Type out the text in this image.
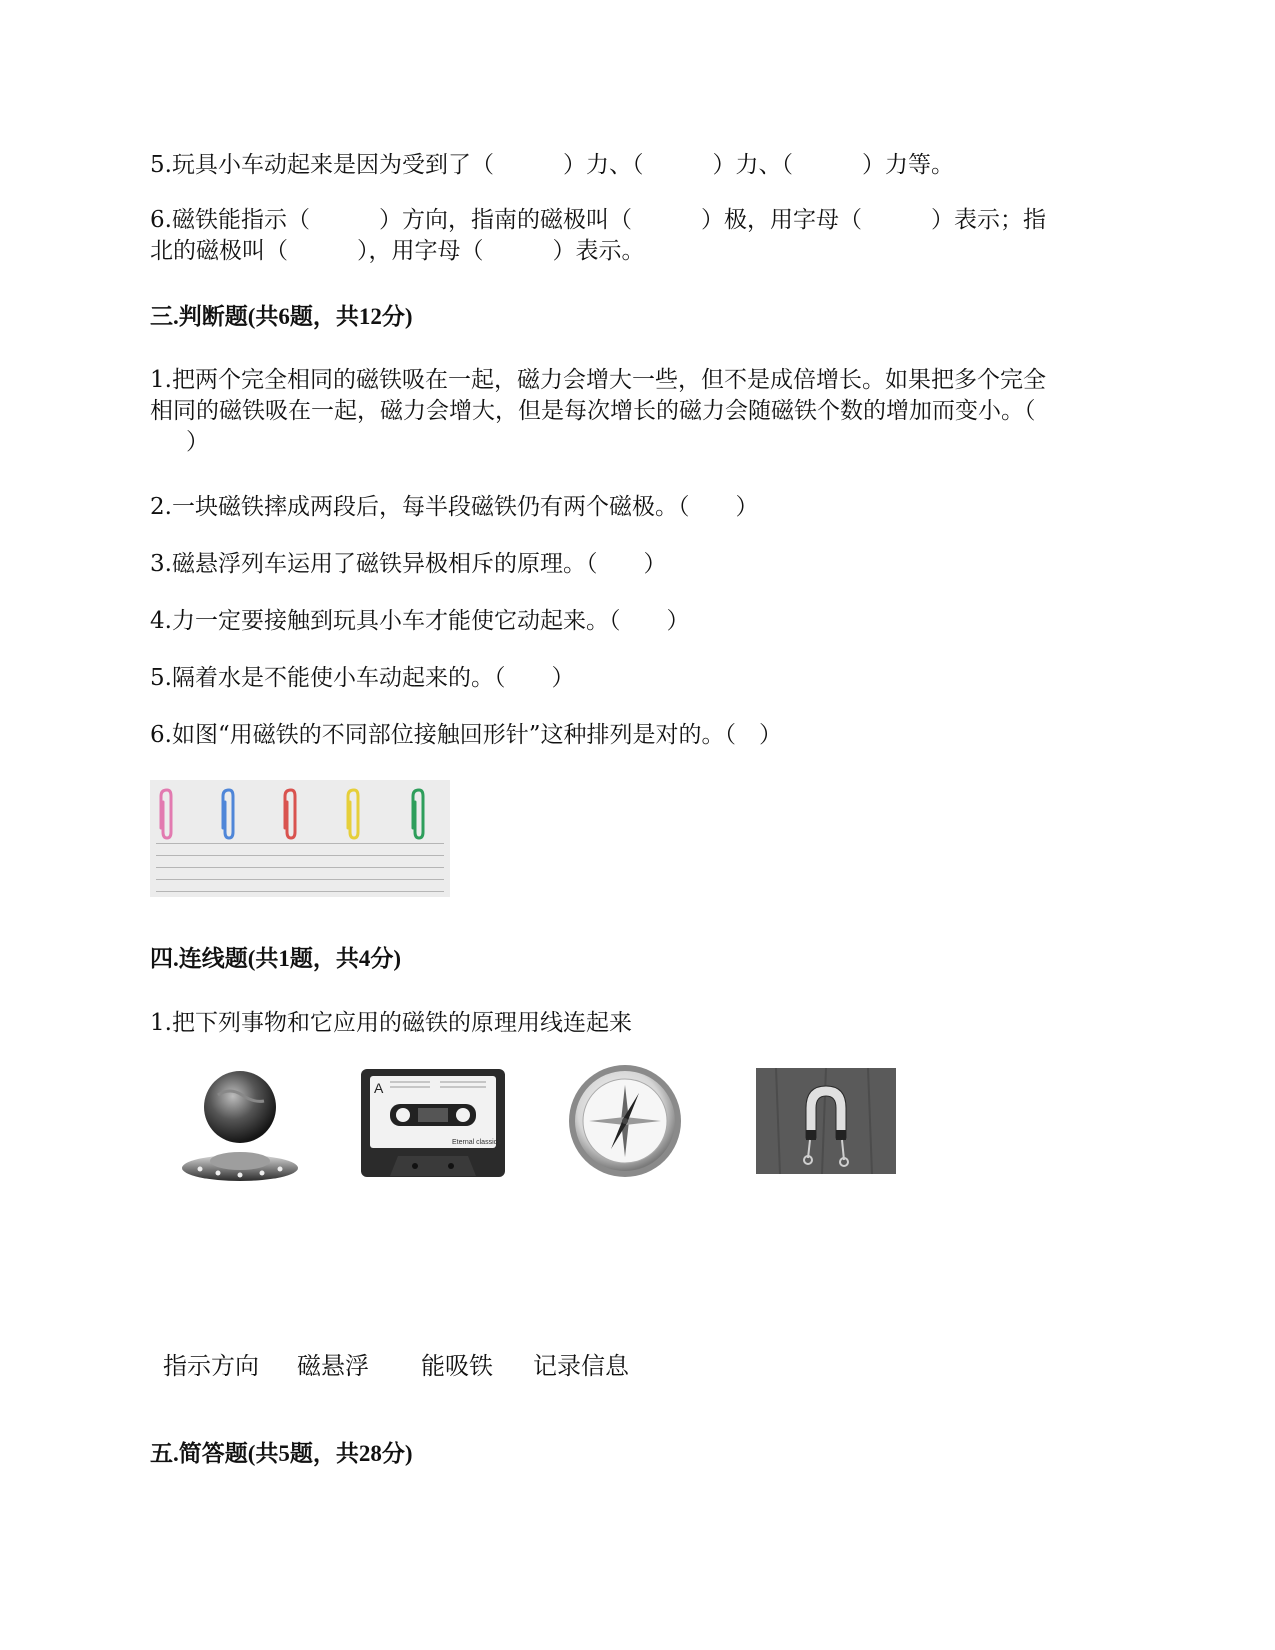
5.玩具小车动起来是因为受到了（　　　）力、（　　　）力、（　　　）力等。
6.磁铁能指示（　　　）方向，指南的磁极叫（　　　）极，用字母（　　　）表示；指
北的磁极叫（　　　），用字母（　　　）表示。
三.判断题(共6题，共12分)
1.把两个完全相同的磁铁吸在一起，磁力会增大一些，但不是成倍增长。如果把多个完全
相同的磁铁吸在一起，磁力会增大，但是每次增长的磁力会随磁铁个数的增加而变小。（
）
2.一块磁铁摔成两段后，每半段磁铁仍有两个磁极。（　　）
3.磁悬浮列车运用了磁铁异极相斥的原理。（　　）
4.力一定要接触到玩具小车才能使它动起来。（　　）
5.隔着水是不能使小车动起来的。（　　）
6.如图“用磁铁的不同部位接触回形针”这种排列是对的。（　）
四.连线题(共1题，共4分)
1.把下列事物和它应用的磁铁的原理用线连起来
A
Eternal classics
指示方向 磁悬浮 能吸铁 记录信息
五.简答题(共5题，共28分)
